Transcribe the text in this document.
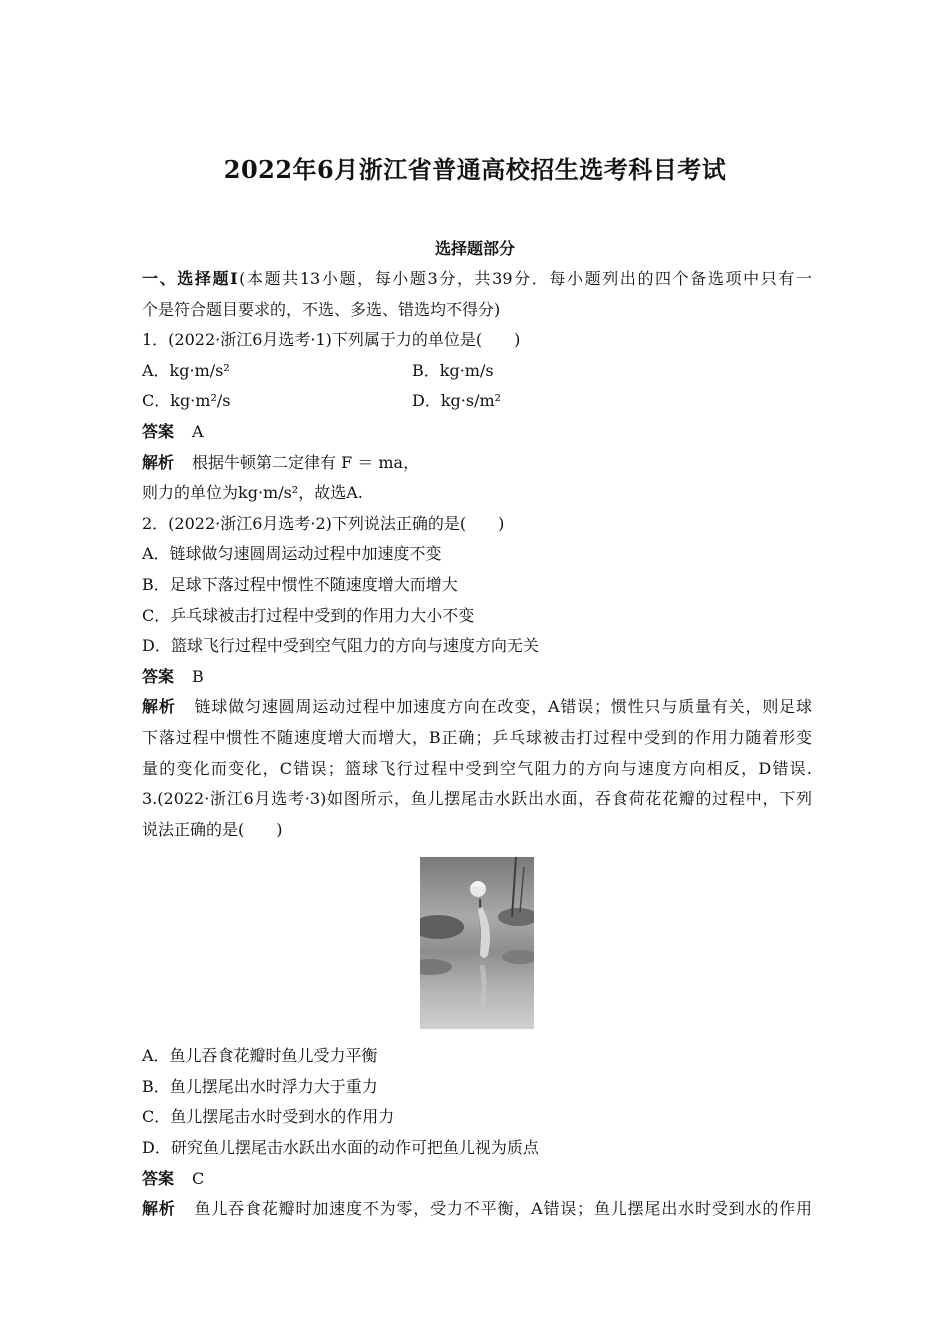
2022年6月浙江省普通高校招生选考科目考试
选择题部分
一、选择题Ⅰ(本题共13小题，每小题3分，共39分．每小题列出的四个备选项中只有一
个是符合题目要求的，不选、多选、错选均不得分)
1．(2022·浙江6月选考·1)下列属于力的单位是(　　)
A．kg·m/s²	B．kg·m/s
C．kg·m²/s	D．kg·s/m²
答案 A
解析 根据牛顿第二定律有 F ＝ ma，
则力的单位为kg·m/s²，故选A.
2．(2022·浙江6月选考·2)下列说法正确的是(　　)
A．链球做匀速圆周运动过程中加速度不变
B．足球下落过程中惯性不随速度增大而增大
C．乒乓球被击打过程中受到的作用力大小不变
D．篮球飞行过程中受到空气阻力的方向与速度方向无关
答案 B
解析 链球做匀速圆周运动过程中加速度方向在改变，A错误；惯性只与质量有关，则足球
下落过程中惯性不随速度增大而增大，B正确；乒乓球被击打过程中受到的作用力随着形变
量的变化而变化，C错误；篮球飞行过程中受到空气阻力的方向与速度方向相反，D错误.
3.(2022·浙江6月选考·3)如图所示，鱼儿摆尾击水跃出水面，吞食荷花花瓣的过程中，下列
说法正确的是(　　)
A．鱼儿吞食花瓣时鱼儿受力平衡
B．鱼儿摆尾出水时浮力大于重力
C．鱼儿摆尾击水时受到水的作用力
D．研究鱼儿摆尾击水跃出水面的动作可把鱼儿视为质点
答案 C
解析 鱼儿吞食花瓣时加速度不为零，受力不平衡，A错误；鱼儿摆尾出水时受到水的作用
